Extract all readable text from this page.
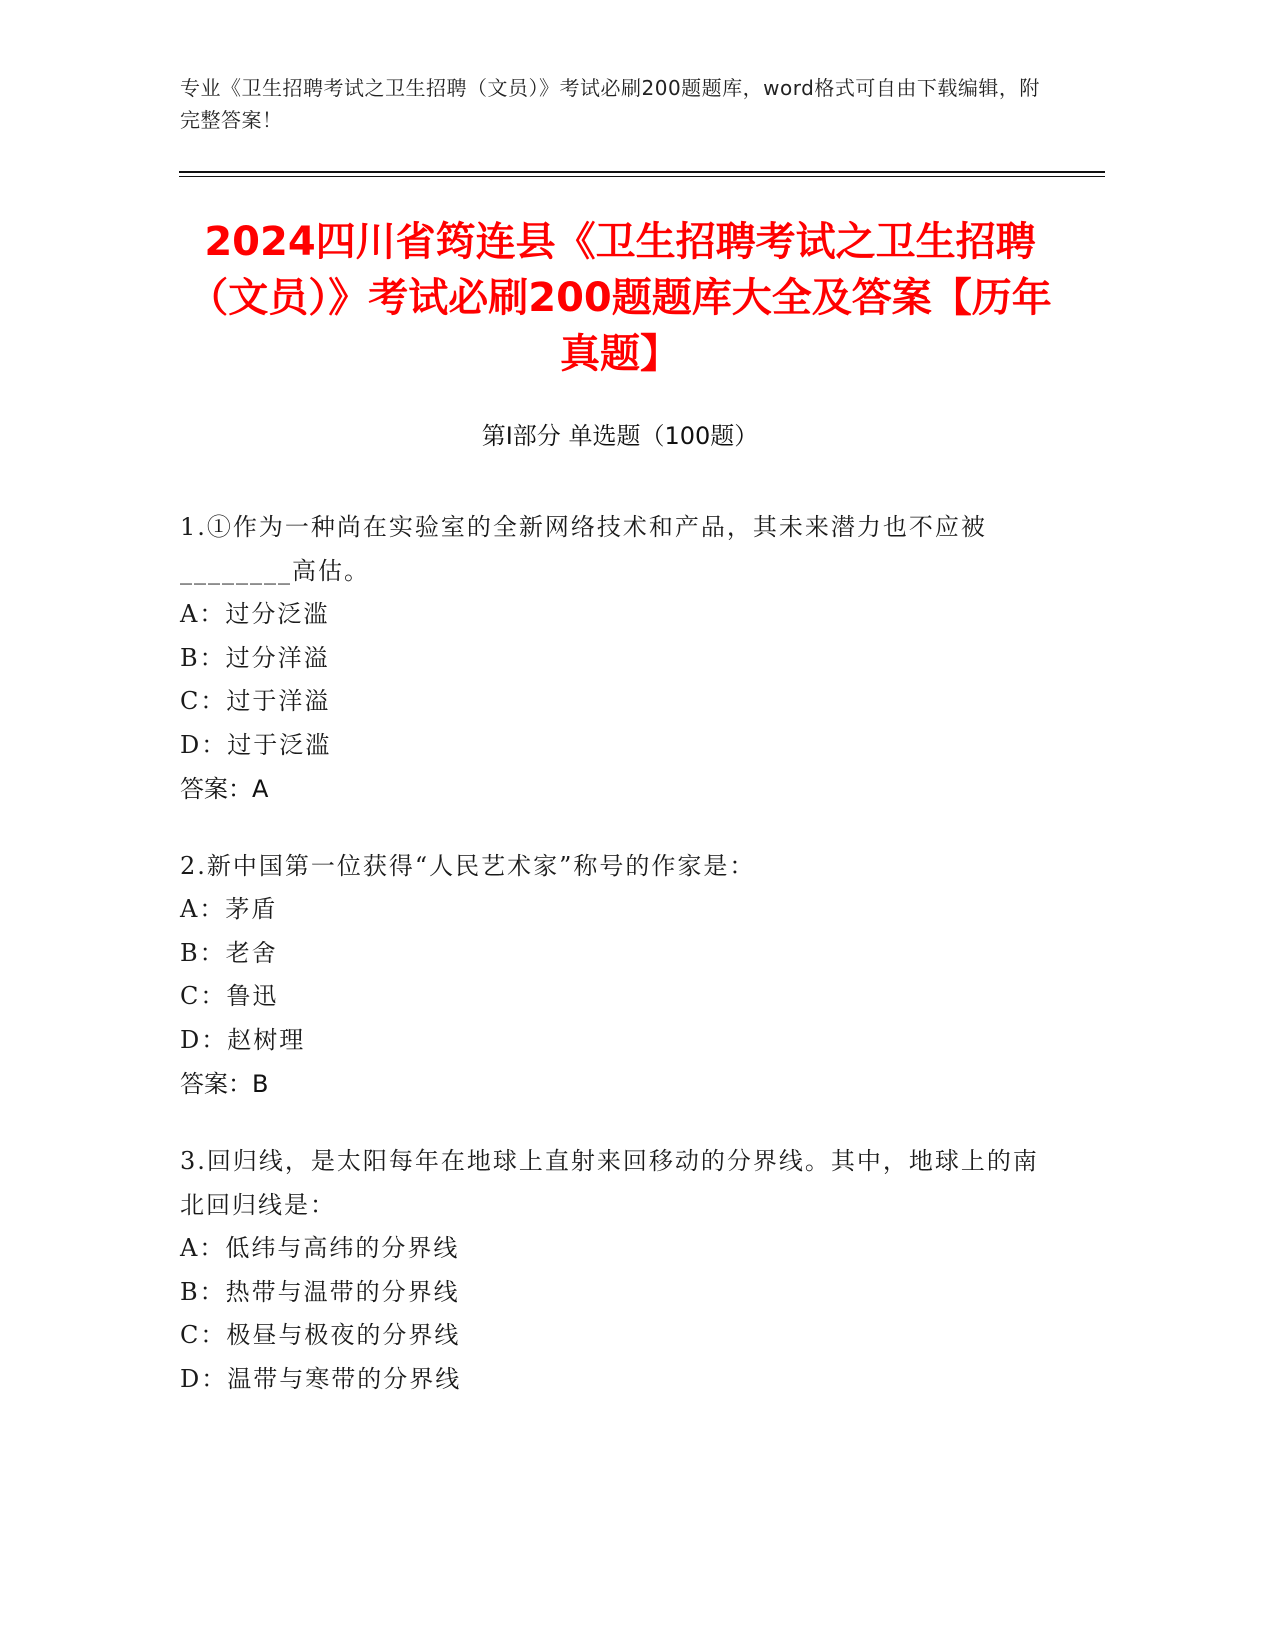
专业《卫生招聘考试之卫生招聘（文员）》考试必刷200题题库，word格式可自由下载编辑，附完整答案！
2024四川省筠连县《卫生招聘考试之卫生招聘（文员）》考试必刷200题题库大全及答案【历年真题】
第Ⅰ部分 单选题（100题）
1.①作为一种尚在实验室的全新网络技术和产品，其未来潜力也不应被________高估。
A：过分泛滥
B：过分洋溢
C：过于洋溢
D：过于泛滥
答案：A
2.新中国第一位获得“人民艺术家”称号的作家是：
A：茅盾
B：老舍
C：鲁迅
D：赵树理
答案：B
3.回归线，是太阳每年在地球上直射来回移动的分界线。其中，地球上的南北回归线是：
A：低纬与高纬的分界线
B：热带与温带的分界线
C：极昼与极夜的分界线
D：温带与寒带的分界线
